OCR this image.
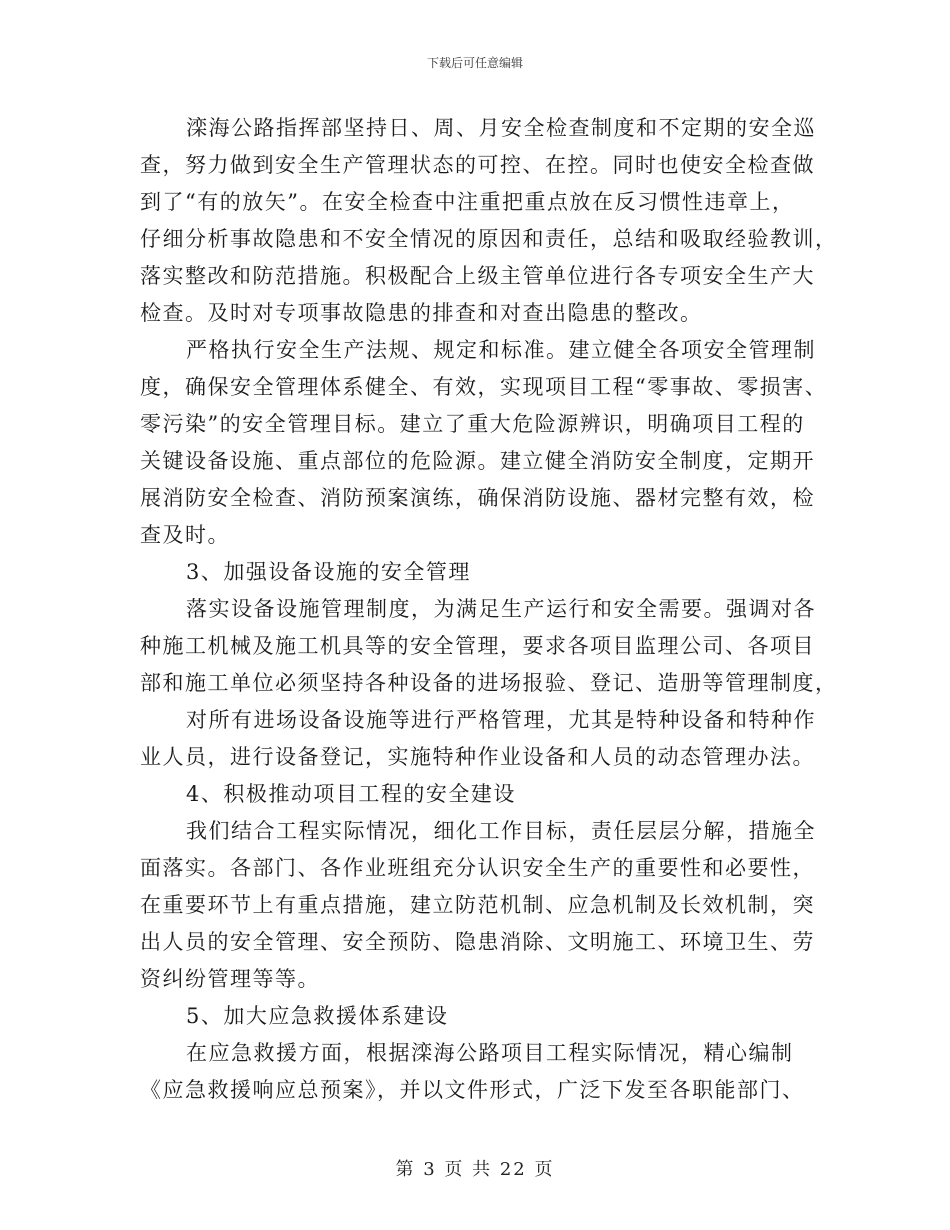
下载后可任意编辑
滦海公路指挥部坚持日、周、月安全检查制度和不定期的安全巡
查，努力做到安全生产管理状态的可控、在控。同时也使安全检查做
到了“有的放矢”。在安全检查中注重把重点放在反习惯性违章上，
仔细分析事故隐患和不安全情况的原因和责任，总结和吸取经验教训，
落实整改和防范措施。积极配合上级主管单位进行各专项安全生产大
检查。及时对专项事故隐患的排查和对查出隐患的整改。
严格执行安全生产法规、规定和标准。建立健全各项安全管理制
度，确保安全管理体系健全、有效，实现项目工程“零事故、零损害、
零污染”的安全管理目标。建立了重大危险源辨识，明确项目工程的
关键设备设施、重点部位的危险源。建立健全消防安全制度，定期开
展消防安全检查、消防预案演练，确保消防设施、器材完整有效，检
查及时。
3、加强设备设施的安全管理
落实设备设施管理制度，为满足生产运行和安全需要。强调对各
种施工机械及施工机具等的安全管理，要求各项目监理公司、各项目
部和施工单位必须坚持各种设备的进场报验、登记、造册等管理制度，
对所有进场设备设施等进行严格管理，尤其是特种设备和特种作
业人员，进行设备登记，实施特种作业设备和人员的动态管理办法。
4、积极推动项目工程的安全建设
我们结合工程实际情况，细化工作目标，责任层层分解，措施全
面落实。各部门、各作业班组充分认识安全生产的重要性和必要性，
在重要环节上有重点措施，建立防范机制、应急机制及长效机制，突
出人员的安全管理、安全预防、隐患消除、文明施工、环境卫生、劳
资纠纷管理等等。
5、加大应急救援体系建设
在应急救援方面，根据滦海公路项目工程实际情况，精心编制
《应急救援响应总预案》，并以文件形式，广泛下发至各职能部门、
第 3 页 共 22 页
